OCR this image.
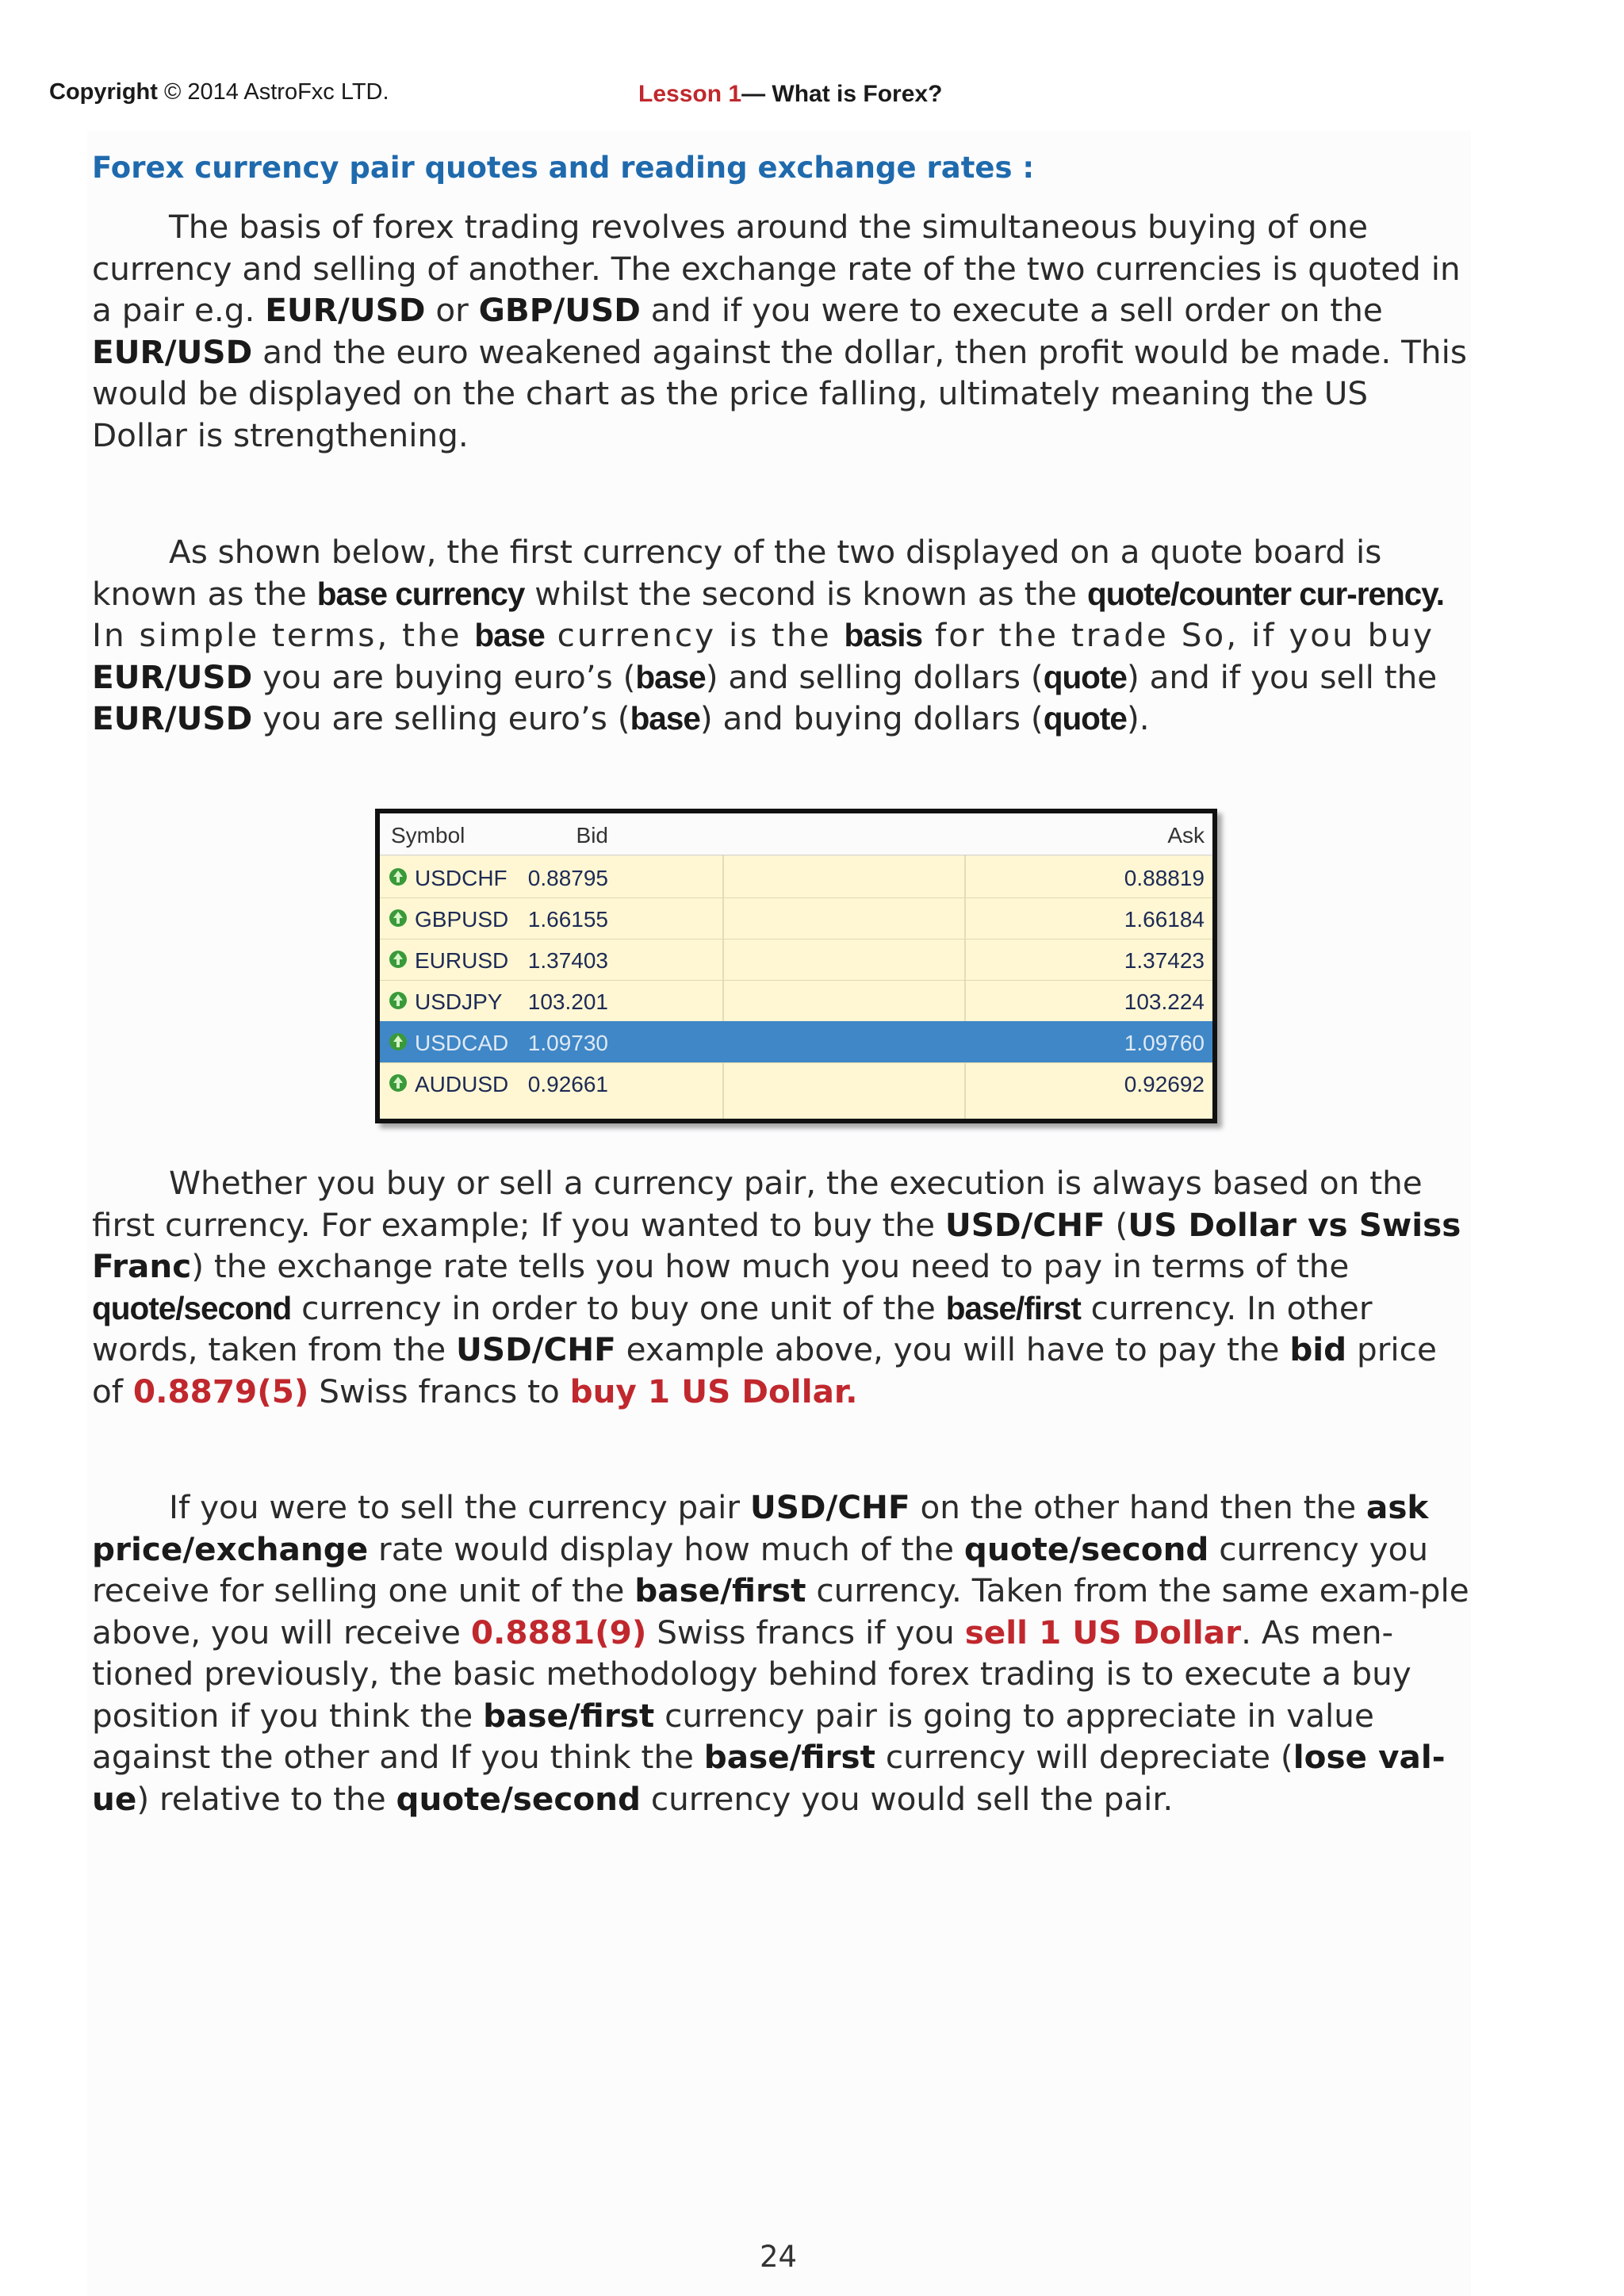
Copyright © 2014 AstroFxc LTD.	Lesson 1— What is Forex?
Forex currency pair quotes and reading exchange rates :
The basis of forex trading revolves around the simultaneous buying of one currency and selling of another. The exchange rate of the two currencies is quoted in a pair e.g. EUR/USD or GBP/USD and if you were to execute a sell order on the EUR/USD and the euro weakened against the dollar, then profit would be made. This would be displayed on the chart as the price falling, ultimately meaning the US Dollar is strengthening.
As shown below, the first currency of the two displayed on a quote board is known as the base currency whilst the second is known as the quote/counter cur-rency. In simple terms, the base currency is the basis for the trade So, if you buy EUR/USD you are buying euro’s (base) and selling dollars (quote) and if you sell the EUR/USD you are selling euro’s (base) and buying dollars (quote).
Symbol	Bid	Ask
USDCHF 0.88795	0.88819
GBPUSD 1.66155	1.66184
EURUSD 1.37403	1.37423
USDJPY 103.201	103.224
USDCAD 1.09730	1.09760
AUDUSD 0.92661	0.92692
Whether you buy or sell a currency pair, the execution is always based on the first currency. For example; If you wanted to buy the USD/CHF (US Dollar vs Swiss Franc) the exchange rate tells you how much you need to pay in terms of the quote/second currency in order to buy one unit of the base/first currency. In other words, taken from the USD/CHF example above, you will have to pay the bid price of 0.8879(5) Swiss francs to buy 1 US Dollar.
If you were to sell the currency pair USD/CHF on the other hand then the ask price/exchange rate would display how much of the quote/second currency you receive for selling one unit of the base/first currency. Taken from the same exam-ple above, you will receive 0.8881(9) Swiss francs if you sell 1 US Dollar. As men-tioned previously, the basic methodology behind forex trading is to execute a buy position if you think the base/first currency pair is going to appreciate in value against the other and If you think the base/first currency will depreciate (lose val-ue) relative to the quote/second currency you would sell the pair.
24
